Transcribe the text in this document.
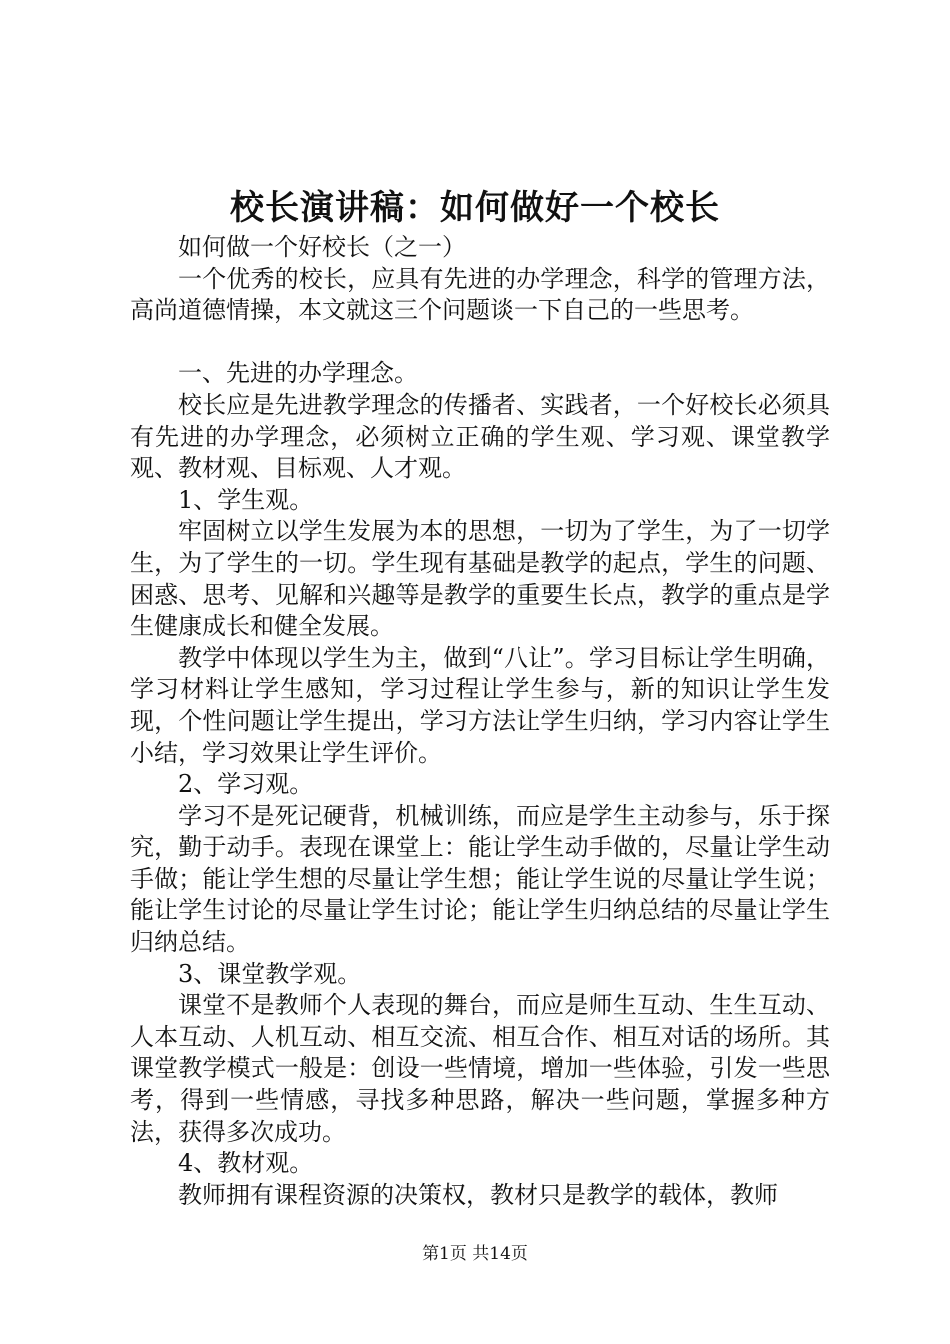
校长演讲稿：如何做好一个校长

如何做一个好校长（之一）

一个优秀的校长，应具有先进的办学理念，科学的管理方法，高尚道德情操，本文就这三个问题谈一下自己的一些思考。

一、先进的办学理念。

校长应是先进教学理念的传播者、实践者，一个好校长必须具有先进的办学理念，必须树立正确的学生观、学习观、课堂教学观、教材观、目标观、人才观。

1、学生观。

牢固树立以学生发展为本的思想，一切为了学生，为了一切学生，为了学生的一切。学生现有基础是教学的起点，学生的问题、困惑、思考、见解和兴趣等是教学的重要生长点，教学的重点是学生健康成长和健全发展。

教学中体现以学生为主，做到“八让”。学习目标让学生明确，学习材料让学生感知，学习过程让学生参与，新的知识让学生发现，个性问题让学生提出，学习方法让学生归纳，学习内容让学生小结，学习效果让学生评价。

2、学习观。

学习不是死记硬背，机械训练，而应是学生主动参与，乐于探究，勤于动手。表现在课堂上：能让学生动手做的，尽量让学生动手做；能让学生想的尽量让学生想；能让学生说的尽量让学生说；能让学生讨论的尽量让学生讨论；能让学生归纳总结的尽量让学生归纳总结。

3、课堂教学观。

课堂不是教师个人表现的舞台，而应是师生互动、生生互动、人本互动、人机互动、相互交流、相互合作、相互对话的场所。其课堂教学模式一般是：创设一些情境，增加一些体验，引发一些思考，得到一些情感，寻找多种思路，解决一些问题，掌握多种方法，获得多次成功。

4、教材观。

教师拥有课程资源的决策权，教材只是教学的载体，教师

第1页 共14页
